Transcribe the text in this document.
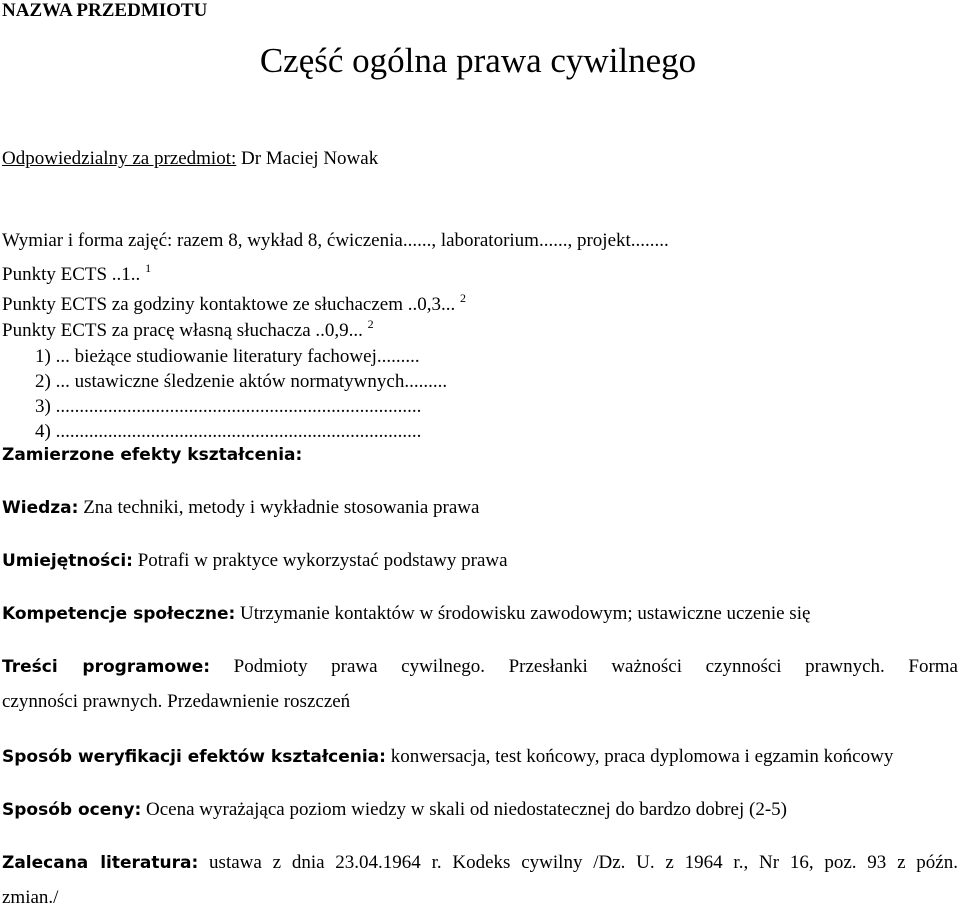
NAZWA PRZEDMIOTU
Część ogólna prawa cywilnego
Odpowiedzialny za przedmiot: Dr Maciej Nowak
Wymiar i forma zajęć: razem 8, wykład 8, ćwiczenia......, laboratorium......, projekt........
Punkty ECTS ..1.. $^1$
Punkty ECTS za godziny kontaktowe ze słuchaczem ..0,3... $^2$
Punkty ECTS za pracę własną słuchacza ..0,9... $^2$
1) ... bieżące studiowanie literatury fachowej.........
2) ... ustawiczne śledzenie aktów normatywnych.........
3) .............................................................................
4) .............................................................................
Zamierzone efekty kształcenia:
Wiedza: Zna techniki, metody i wykładnie stosowania prawa
Umiejętności: Potrafi w praktyce wykorzystać podstawy prawa
Kompetencje społeczne: Utrzymanie kontaktów w środowisku zawodowym; ustawiczne uczenie się
Treści programowe: Podmioty prawa cywilnego. Przesłanki ważności czynności prawnych. Forma
czynności prawnych. Przedawnienie roszczeń
Sposób weryfikacji efektów kształcenia: konwersacja, test końcowy, praca dyplomowa i egzamin końcowy
Sposób oceny: Ocena wyrażająca poziom wiedzy w skali od niedostatecznej do bardzo dobrej (2-5)
Zalecana literatura: ustawa z dnia 23.04.1964 r. Kodeks cywilny /Dz. U. z 1964 r., Nr 16, poz. 93 z późn.
zmian./
